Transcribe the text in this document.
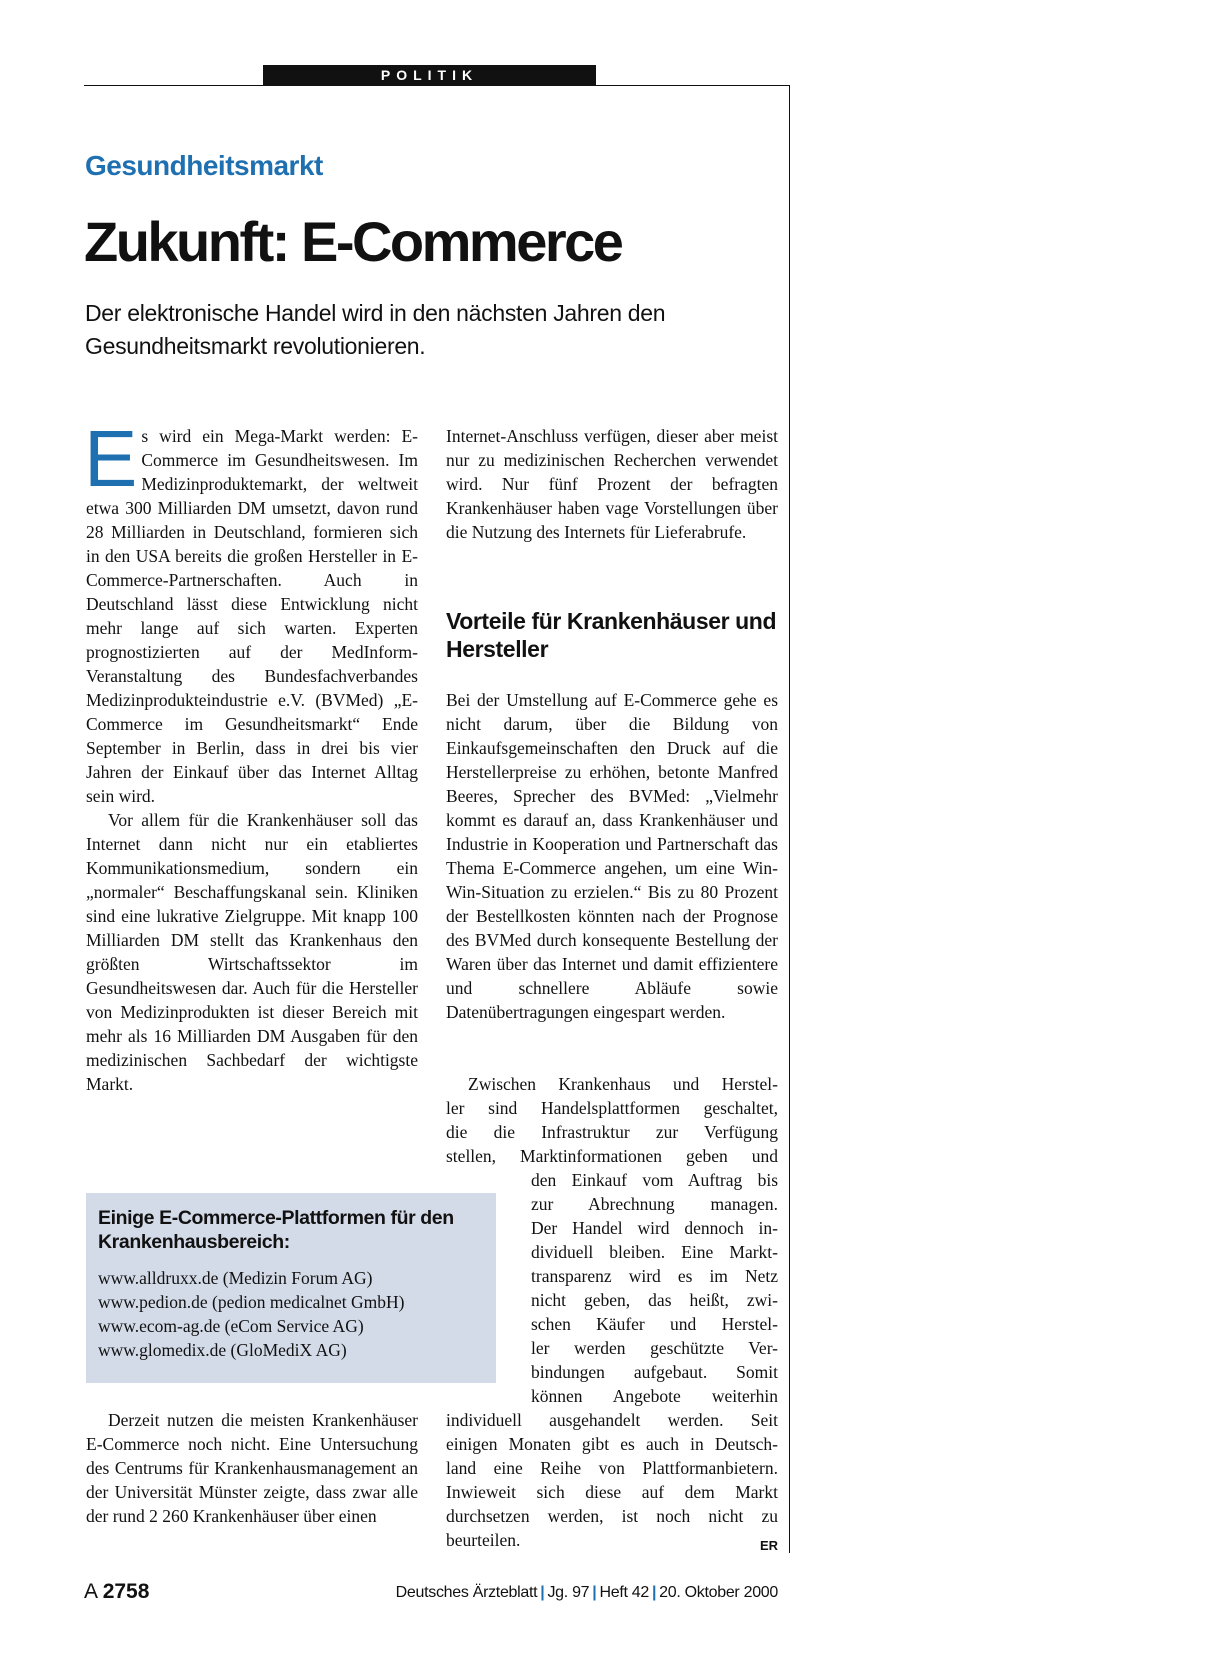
POLITIK
Gesundheitsmarkt
Zukunft: E-Commerce
Der elektronische Handel wird in den nächsten Jahren den Gesundheitsmarkt revolutionieren.

Es wird ein Mega-Markt werden: E-Commerce im Gesundheitswesen. Im Medizinproduktemarkt, der weltweit etwa 300 Milliarden DM umsetzt, davon rund 28 Milliarden in Deutschland, formieren sich in den USA bereits die großen Hersteller in E-Commerce-Partnerschaften. Auch in Deutschland lässt diese Entwicklung nicht mehr lange auf sich warten. Experten prognostizierten auf der MedInform-Veranstaltung des Bundesfachverbandes Medizinprodukteindustrie e.V. (BVMed) „E-Commerce im Gesundheitsmarkt“ Ende September in Berlin, dass in drei bis vier Jahren der Einkauf über das Internet Alltag sein wird.

Vor allem für die Krankenhäuser soll das Internet dann nicht nur ein etabliertes Kommunikationsmedium, sondern ein „normaler“ Beschaffungskanal sein. Kliniken sind eine lukrative Zielgruppe. Mit knapp 100 Milliarden DM stellt das Krankenhaus den größten Wirtschaftssektor im Gesundheitswesen dar. Auch für die Hersteller von Medizinprodukten ist dieser Bereich mit mehr als 16 Milliarden DM Ausgaben für den medizinischen Sachbedarf der wichtigste Markt.

Einige E-Commerce-Plattformen für den Krankenhausbereich:
www.alldruxx.de (Medizin Forum AG)
www.pedion.de (pedion medicalnet GmbH)
www.ecom-ag.de (eCom Service AG)
www.glomedix.de (GloMediX AG)

Derzeit nutzen die meisten Krankenhäuser E-Commerce noch nicht. Eine Untersuchung des Centrums für Krankenhausmanagement an der Universität Münster zeigte, dass zwar alle der rund 2 260 Krankenhäuser über einen

Internet-Anschluss verfügen, dieser aber meist nur zu medizinischen Recherchen verwendet wird. Nur fünf Prozent der befragten Krankenhäuser haben vage Vorstellungen über die Nutzung des Internets für Lieferabrufe.

Vorteile für Krankenhäuser und Hersteller

Bei der Umstellung auf E-Commerce gehe es nicht darum, über die Bildung von Einkaufsgemeinschaften den Druck auf die Herstellerpreise zu erhöhen, betonte Manfred Beeres, Sprecher des BVMed: „Vielmehr kommt es darauf an, dass Krankenhäuser und Industrie in Kooperation und Partnerschaft das Thema E-Commerce angehen, um eine Win-Win-Situation zu erzielen.“ Bis zu 80 Prozent der Bestellkosten könnten nach der Prognose des BVMed durch konsequente Bestellung der Waren über das Internet und damit effizientere und schnellere Abläufe sowie Datenübertragungen eingespart werden.

Zwischen Krankenhaus und Herstel-
ler sind Handelsplattformen geschaltet,
die die Infrastruktur zur Verfügung
stellen, Marktinformationen geben und
den Einkauf vom Auftrag bis
zur Abrechnung managen.
Der Handel wird dennoch in-
dividuell bleiben. Eine Markt-
transparenz wird es im Netz
nicht geben, das heißt, zwi-
schen Käufer und Herstel-
ler werden geschützte Ver-
bindungen aufgebaut. Somit
können Angebote weiterhin
individuell ausgehandelt werden. Seit
einigen Monaten gibt es auch in Deutsch-
land eine Reihe von Plattformanbietern.
Inwieweit sich diese auf dem Markt
durchsetzen werden, ist noch nicht zu
beurteilen.	ER
A 2758	Deutsches Ärzteblatt | Jg. 97 | Heft 42 | 20. Oktober 2000
